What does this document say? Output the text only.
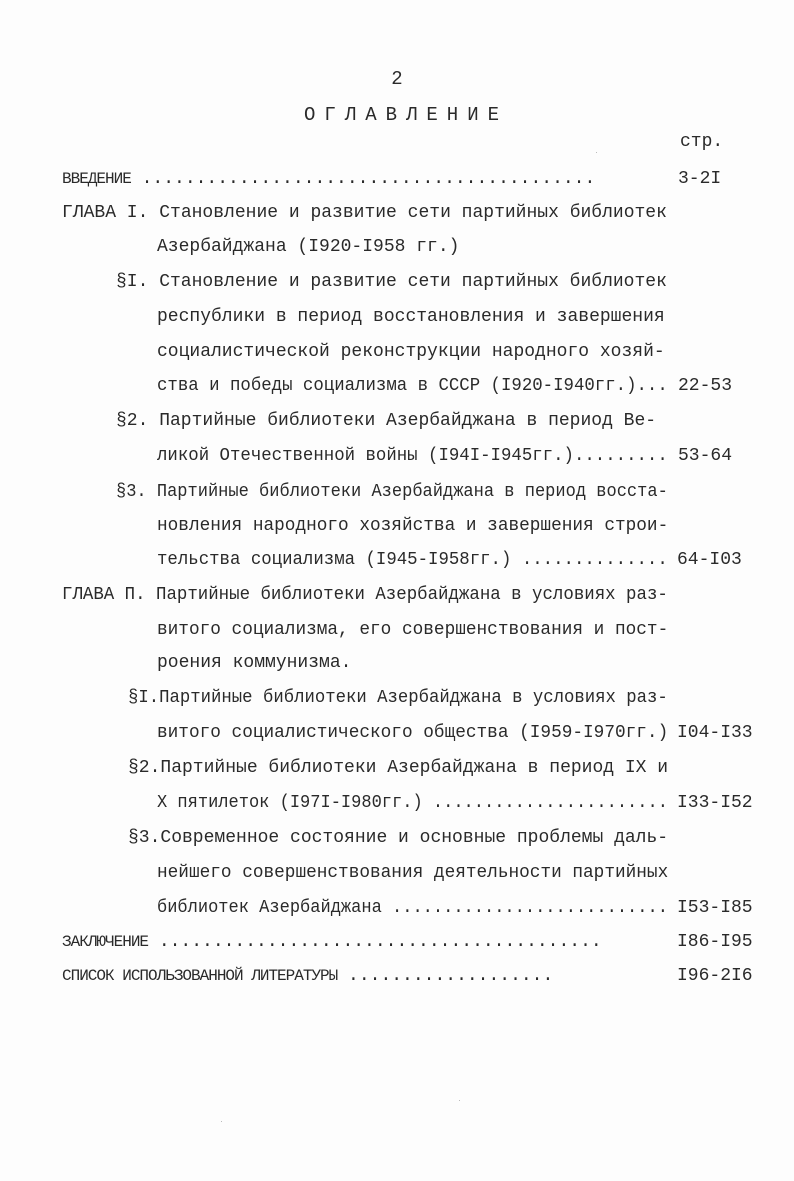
2
ОГЛАВЛЕНИЕ
стр.
ВВЕДЕНИЕ ..........................................	3-2I
ГЛАВА I. Становление и развитие сети партийных библиотек
Азербайджана (I920-I958 гг.)
§I. Становление и развитие сети партийных библиотек
республики в период восстановления и завершения
социалистической реконструкции народного хозяй-
ства и победы социализма в СССР (I920-I940гг.)... 22-53
§2. Партийные библиотеки Азербайджана в период Ве-
ликой Отечественной войны (I94I-I945гг.)......... 53-64
§3. Партийные библиотеки Азербайджана в период восста-
новления народного хозяйства и завершения строи-
тельства социализма (I945-I958гг.) .............. 64-I03
ГЛАВА П. Партийные библиотеки Азербайджана в условиях раз-
витого социализма, его совершенствования и пост-
роения коммунизма.
§I.Партийные библиотеки Азербайджана в условиях раз-
витого социалистического общества (I959-I970гг.) I04-I33
§2.Партийные библиотеки Азербайджана в период IX и
X пятилеток (I97I-I980гг.) ....................... I33-I52
§3.Современное состояние и основные проблемы даль-
нейшего совершенствования деятельности партийных
библиотек Азербайджана ........................... I53-I85
ЗАКЛЮЧЕНИЕ .........................................	I86-I95
СПИСОК ИСПОЛЬЗОВАННОЙ ЛИТЕРАТУРЫ ...................	I96-2I6
